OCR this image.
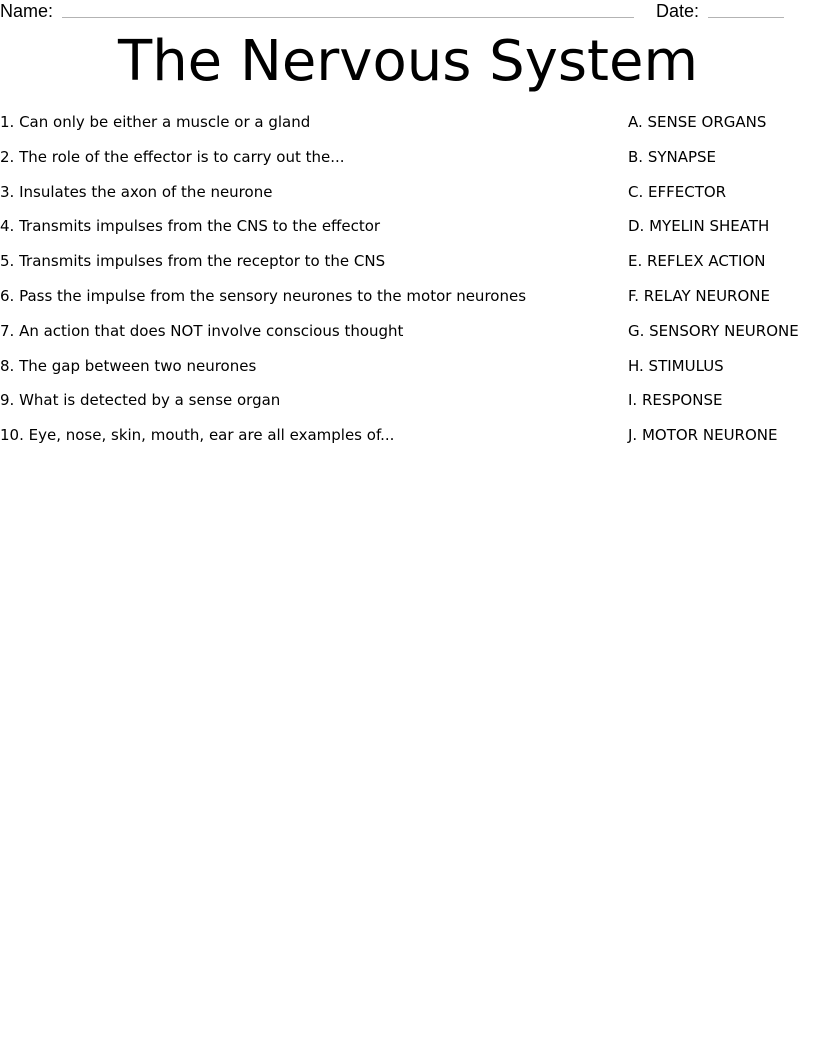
Name:	Date:
The Nervous System
1. Can only be either a muscle or a gland
2. The role of the effector is to carry out the...
3. Insulates the axon of the neurone
4. Transmits impulses from the CNS to the effector
5. Transmits impulses from the receptor to the CNS
6. Pass the impulse from the sensory neurones to the motor neurones
7. An action that does NOT involve conscious thought
8. The gap between two neurones
9. What is detected by a sense organ
10. Eye, nose, skin, mouth, ear are all examples of...
A. SENSE ORGANS
B. SYNAPSE
C. EFFECTOR
D. MYELIN SHEATH
E. REFLEX ACTION
F. RELAY NEURONE
G. SENSORY NEURONE
H. STIMULUS
I. RESPONSE
J. MOTOR NEURONE
